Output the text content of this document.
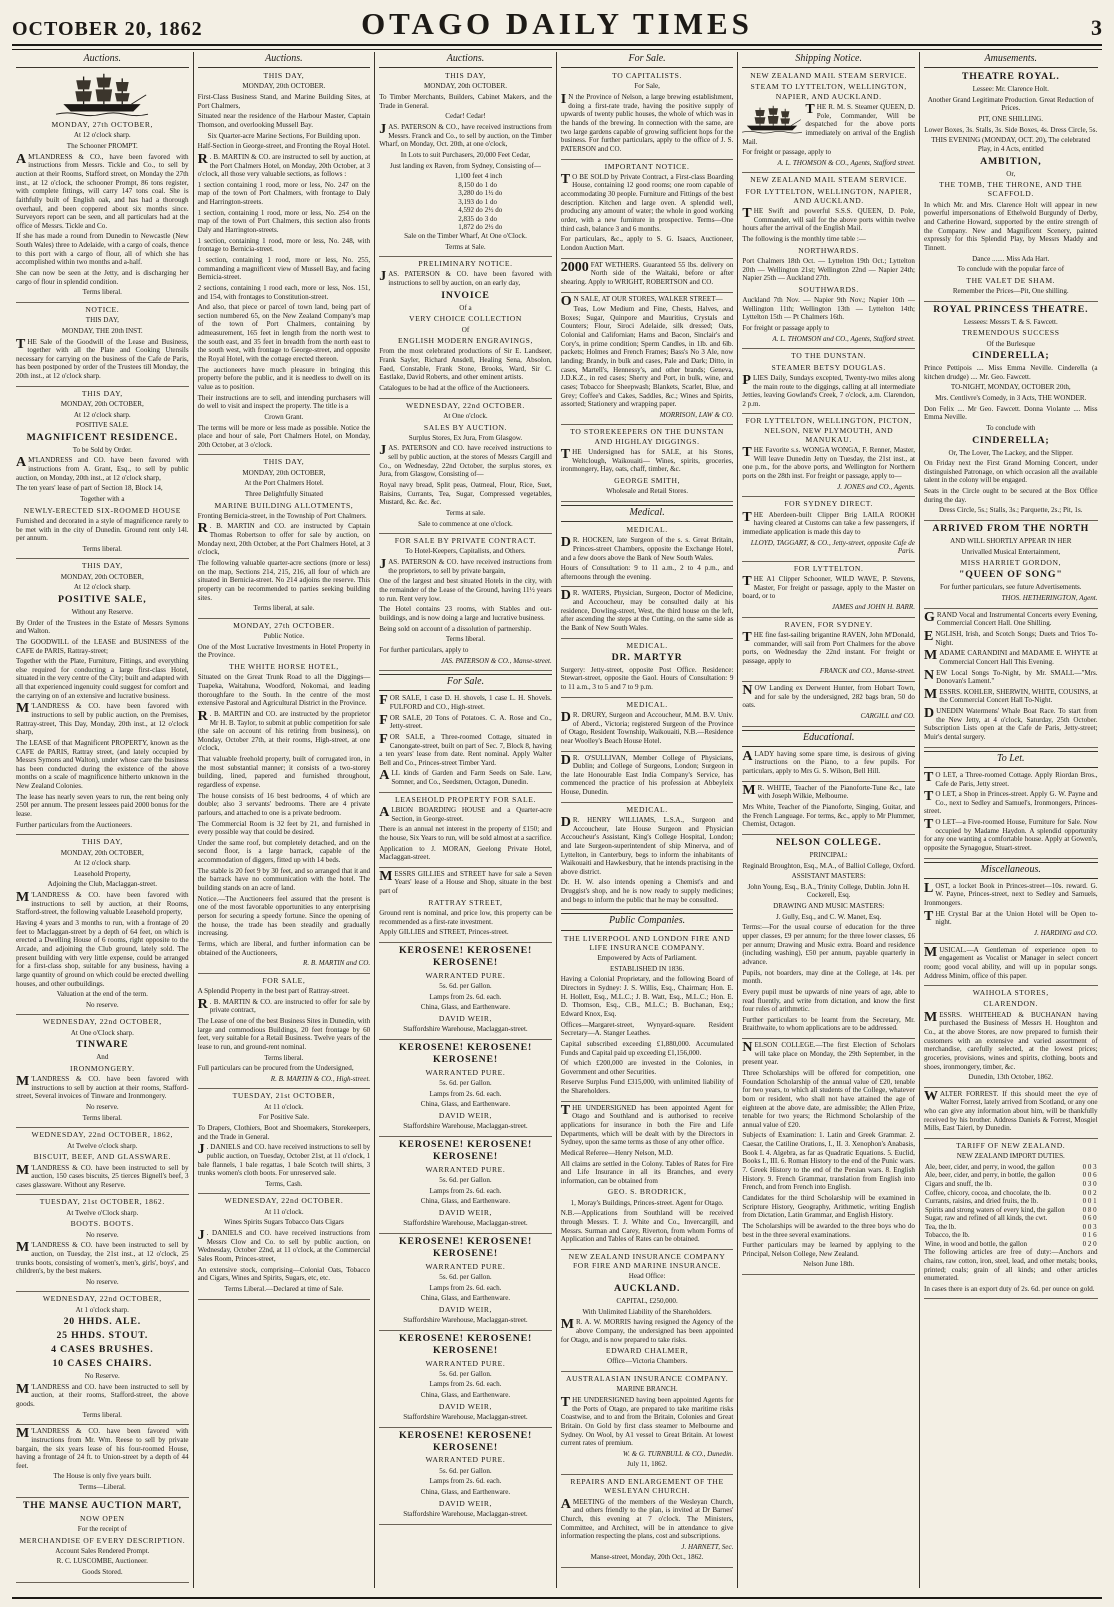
OCTOBER 20, 1862	OTAGO DAILY TIMES	3
Auctions.

MONDAY, 27th OCTOBER,

At 12 o'clock sharp.

The Schooner PROMPT.

A M'LANDRESS & CO., have been favored with instructions from Messrs. Tickle and Co., to sell by auction at their Rooms, Stafford street, on Monday the 27th inst., at 12 o'clock, the schooner Prompt, 86 tons register, with complete fittings, will carry 147 tons coal. She is faithfully built of English oak, and has had a thorough overhaul, and been coppered about six months since. Surveyors report can be seen, and all particulars had at the office of Messrs. Tickle and Co.

If she has made a round from Dunedin to Newcastle (New South Wales) three to Adelaide, with a cargo of coals, thence to this port with a cargo of flour, all of which she has accomplished within two months and a-half.

She can now be seen at the Jetty, and is discharging her cargo of flour in splendid condition.

Terms liberal.

NOTICE.

THIS DAY,

MONDAY, THE 20th INST.

THE Sale of the Goodwill of the Lease and Business, together with all the Plate and Cooking Utensils necessary for carrying on the business of the Cafe de Paris, has been postponed by order of the Trustees till Monday, the 20th inst., at 12 o'clock sharp.

THIS DAY,

MONDAY, 20th OCTOBER,

At 12 o'clock sharp.

POSITIVE SALE.

MAGNIFICENT RESIDENCE.

To be Sold by Order.

A M'LANDRESS and CO. have been favored with instructions from A. Grant, Esq., to sell by public auction, on Monday, 20th inst., at 12 o'clock sharp,

The ten years' lease of part of Section 18, Block 14,

Together with a

NEWLY-ERECTED SIX-ROOMED HOUSE

Furnished and decorated in a style of magnificence rarely to be met with in the city of Dunedin. Ground rent only 14l. per annum.

Terms liberal.

THIS DAY,

MONDAY, 20th OCTOBER,

At 12 o'clock sharp.

POSITIVE SALE,

Without any Reserve.

By Order of the Trustees in the Estate of Messrs Symons and Walton.

The GOODWILL of the LEASE and BUSINESS of the CAFE de PARIS, Rattray-street;

Together with the Plate, Furniture, Fittings, and everything else required for conducting a large first-class Hotel, situated in the very centre of the City; built and adapted with all that experienced ingenuity could suggest for comfort and the carrying on of an extensive and lucrative business.

M 'LANDRESS & CO. have been favored with instructions to sell by public auction, on the Premises, Rattray-street, This Day, Monday, 20th inst., at 12 o'clock sharp,

The LEASE of that Magnificent PROPERTY, known as the CAFE de PARIS, Rattray street, (and lately occupied by Messrs Symons and Walton), under whose care the business has been conducted during the existence of the above months on a scale of magnificence hitherto unknown in the New Zealand Colonies.

The lease has nearly seven years to run, the rent being only 250l per annum. The present lessees paid 2000 bonus for the lease.

Further particulars from the Auctioneers.

THIS DAY,

MONDAY, 20th OCTOBER,

At 12 o'clock sharp.

Leasehold Property,

Adjoining the Club, Maclaggan-street.

M 'LANDRESS & CO. have been favored with instructions to sell by auction, at their Rooms, Stafford-street, the following valuable Leasehold property,

Having 4 years and 3 months to run, with a frontage of 20 feet to Maclaggan-street by a depth of 64 feet, on which is erected a Dwelling House of 6 rooms, right opposite to the Arcade, and adjoining the Club ground, lately sold. The present building with very little expense, could be arranged for a first-class shop, suitable for any business, having a large quantity of ground on which could be erected dwelling houses, and other outbuildings.

Valuation at the end of the term.

No reserve.

WEDNESDAY, 22nd OCTOBER,

At One o'Clock sharp.

TINWARE

And

IRONMONGERY.

M 'LANDRESS & CO. have been favored with instructions to sell by auction at their rooms, Stafford-street, Several invoices of Tinware and Ironmongery.

No reserve.

Terms liberal.

WEDNESDAY, 22nd OCTOBER, 1862,

At Twelve o'clock sharp.

BISCUIT, BEEF, AND GLASSWARE.

M 'LANDRESS & CO. have been instructed to sell by auction, 150 cases biscuits, 25 tierces Bignell's beef, 3 cases glassware. Without any Reserve.

TUESDAY, 21st OCTOBER, 1862.

At Twelve o'Clock sharp.

BOOTS. BOOTS.

No reserve.

M 'LANDRESS & CO. have been instructed to sell by auction, on Tuesday, the 21st inst., at 12 o'clock, 25 trunks boots, consisting of women's, men's, girls', boys', and children's, by the best makers.

No reserve.

WEDNESDAY, 22nd OCTOBER,

At 1 o'clock sharp.

20 HHDS. ALE.

25 HHDS. STOUT.

4 CASES BRUSHES.

10 CASES CHAIRS.

No Reserve.

M 'LANDRESS and CO. have been instructed to sell by auction, at their rooms, Stafford-street, the above goods.

Terms liberal.

M 'LANDRESS & CO. have been favored with instructions from Mr. Wm. Reese to sell by private bargain, the six years lease of his four-roomed House, having a frontage of 24 ft. to Union-street by a depth of 44 feet.

The House is only five years built.

Terms—Liberal.

THE MANSE AUCTION MART,

NOW OPEN

For the receipt of

MERCHANDISE OF EVERY DESCRIPTION.

Account Sales Rendered Prompt.

R. C. LUSCOMBE, Auctioneer.

Goods Stored.

Auctions.

THIS DAY,

MONDAY, 20th OCTOBER.

First-Class Business Stand, and Marine Building Sites, at Port Chalmers,

Situated near the residence of the Harbour Master, Captain Thomson, and overlooking Mussell Bay.

Six Quarter-acre Marine Sections, For Building upon.

Half-Section in George-street, and Fronting the Royal Hotel.

R . B. MARTIN & CO. are instructed to sell by auction, at the Port Chalmers Hotel, on Monday, 20th October, at 3 o'clock, all those very valuable sections, as follows :

1 section containing 1 rood, more or less, No. 247 on the map of the town of Port Chalmers, with frontage to Daly and Harrington-streets.

1 section, containing 1 rood, more or less, No. 254 on the map of the town of Port Chalmers, this section also fronts Daly and Harrington-streets.

1 section, containing 1 rood, more or less, No. 248, with frontage to Bernicia-street.

1 section, containing 1 rood, more or less, No. 255, commanding a magnificent view of Mussell Bay, and facing Bernicia-street.

2 sections, containing 1 rood each, more or less, Nos. 151, and 154, with frontages to Constitution-street.

And also, that piece or parcel of town land, being part of section numbered 65, on the New Zealand Company's map of the town of Port Chalmers, containing by admeasurement, 165 feet in length from the north west to the south east, and 35 feet in breadth from the north east to the south west, with frontage to George-street, and opposite the Royal Hotel, with the cottage erected thereon.

The auctioneers have much pleasure in bringing this property before the public, and it is needless to dwell on its value as to position.

Their instructions are to sell, and intending purchasers will do well to visit and inspect the property. The title is a

Crown Grant.

The terms will be more or less made as possible. Notice the place and hour of sale, Port Chalmers Hotel, on Monday, 20th October, at 3 o'clock.

THIS DAY,

MONDAY, 20th OCTOBER,

At the Port Chalmers Hotel.

Three Delightfully Situated

MARINE BUILDING ALLOTMENTS,

Fronting Bernicia-street, in the Township of Port Chalmers.

R . B. MARTIN and CO. are instructed by Captain Thomas Robertson to offer for sale by auction, on Monday next, 20th October, at the Port Chalmers Hotel, at 3 o'clock,

The following valuable quarter-acre sections (more or less) on the map, Sections 214, 215, 216, all four of which are situated in Bernicia-street. No 214 adjoins the reserve. This property can be recommended to parties seeking building sites.

Terms liberal, at sale.

MONDAY, 27th OCTOBER.

Public Notice.

One of the Most Lucrative Investments in Hotel Property in the Province.

THE WHITE HORSE HOTEL,

Situated on the Great Trunk Road to all the Diggings—Tuapeka, Waitahuna, Woodford, Nokomai, and leading thoroughfare to the South. In the centre of the most extensive Pastoral and Agricultural District in the Province.

R . B. MARTIN and CO. are instructed by the proprietor Mr H. B. Taylor, to submit at public competition for sale (the sale on account of his retiring from business), on Monday, October 27th, at their rooms, High-street, at one o'clock,

That valuable freehold property, built of corrugated iron, in the most substantial manner; it consists of a two-storey building, lined, papered and furnished throughout, regardless of expense.

The house consists of 16 best bedrooms, 4 of which are double; also 3 servants' bedrooms. There are 4 private parlours, and attached to one is a private bedroom.

The Commercial Room is 32 feet by 21, and furnished in every possible way that could be desired.

Under the same roof, but completely detached, and on the second floor, is a large barrack, capable of the accommodation of diggers, fitted up with 14 beds.

The stable is 20 feet 9 by 30 feet, and so arranged that it and the barrack have no communication with the hotel. The building stands on an acre of land.

Notice.—The Auctioneers feel assured that the present is one of the most favorable opportunities to any enterprising person for securing a speedy fortune. Since the opening of the house, the trade has been steadily and gradually increasing.

Terms, which are liberal, and further information can be obtained of the Auctioneers,

R. B. MARTIN and CO.

FOR SALE,

A Splendid Property in the best part of Rattray-street.

R . B. MARTIN & CO. are instructed to offer for sale by private contract,

The Lease of one of the best Business Sites in Dunedin, with large and commodious Buildings, 20 feet frontage by 60 feet, very suitable for a Retail Business. Twelve years of the lease to run, and ground-rent nominal.

Terms liberal.

Full particulars can be procured from the Undersigned,

R. B. MARTIN & CO., High-street.

TUESDAY, 21st OCTOBER,

At 11 o'clock.

For Positive Sale.

To Drapers, Clothiers, Boot and Shoemakers, Storekeepers, and the Trade in General.

J . DANIELS and CO. have received instructions to sell by public auction, on Tuesday, October 21st, at 11 o'clock, 1 bale flannels, 1 bale regattas, 1 bale Scotch twill shirts, 3 trunks women's cloth boots. For unreserved sale.

Terms, Cash.

WEDNESDAY, 22nd OCTOBER.

At 11 o'clock.

Wines Spirits Sugars Tobacco Oats Cigars

J . DANIELS and CO. have received instructions from Messrs Clow and Co. to sell by public auction, on Wednesday, October 22nd, at 11 o'clock, at the Commercial Sales Room, Princes-street,

An extensive stock, comprising—Colonial Oats, Tobacco and Cigars, Wines and Spirits, Sugars, etc, etc.

Terms Liberal.—Declared at time of Sale.

Auctions.

THIS DAY,

MONDAY, 20th OCTOBER.

To Timber Merchants, Builders, Cabinet Makers, and the Trade in General.

Cedar! Cedar!

JAS. PATERSON & CO., have received instructions from Messrs. Franck and Co., to sell by auction, on the Timber Wharf, on Monday, Oct. 20th, at one o'clock,

In Lots to suit Purchasers, 20,000 Feet Cedar,

Just landing ex Raven, from Sydney, Consisting of—

1,100 feet	4 inch
8,150 do	1 do
3,280 do	1½ do
3,193 do	1 do
4,592 do	2½ do
2,835 do	3 do
1,872 do	2½ do

Sale on the Timber Wharf, At One o'Clock.

Terms at Sale.

PRELIMINARY NOTICE.

JAS. PATERSON & CO. have been favored with instructions to sell by auction, on an early day,

INVOICE

Of a

VERY CHOICE COLLECTION

Of

ENGLISH MODERN ENGRAVINGS,

From the most celebrated productions of Sir E. Landseer, Frank Sayler, Richard Ansdell, Healing Sena, Absolon, Faed, Constable, Frank Stone, Brooks, Ward, Sir C. Eastlake, David Roberts, and other eminent artists.

Catalogues to be had at the office of the Auctioneers.

WEDNESDAY, 22nd OCTOBER.

At One o'clock.

SALES BY AUCTION.

Surplus Stores, Ex Jura, From Glasgow.

JAS. PATERSON and CO. have received instructions to sell by public auction, at the stores of Messrs Cargill and Co., on Wednesday, 22nd October, the surplus stores, ex Jura, from Glasgow, Consisting of—

Royal navy bread, Split peas, Oatmeal, Flour, Rice, Suet, Raisins, Currants, Tea, Sugar, Compressed vegetables, Mustard, &c. &c. &c.

Terms at sale.

Sale to commence at one o'clock.

FOR SALE BY PRIVATE CONTRACT.

To Hotel-Keepers, Capitalists, and Others.

JAS. PATERSON & CO. have received instructions from the proprietors, to sell by private bargain,

One of the largest and best situated Hotels in the city, with the remainder of the Lease of the Ground, having 11½ years to run. Rent very low.

The Hotel contains 23 rooms, with Stables and out-buildings, and is now doing a large and lucrative business.

Being sold on account of a dissolution of partnership.

Terms liberal.

For further particulars, apply to

JAS. PATERSON & CO., Manse-street.

For Sale.

FOR SALE, 1 case D. H. shovels, 1 case L. H. Shovels. FULFORD and CO., High-street.

FOR SALE, 20 Tons of Potatoes. C. A. Rose and Co., Jetty-street.

FOR SALE, a Three-roomed Cottage, situated in Canongate-street, built on part of Sec. 7, Block 8, having a ten years' lease from date. Rent nominal. Apply Walter Bell and Co., Princes-street Timber Yard.

ALL kinds of Garden and Farm Seeds on Sale. Law, Somner, and Co., Seedsmen, Octagon, Dunedin.

LEASEHOLD PROPERTY FOR SALE.

ALBION BOARDING HOUSE and a Quarter-acre Section, in George-street.

There is an annual net interest in the property of £150; and the house, Six Years to run, will be sold almost at a sacrifice.

Application to J. MORAN, Geelong Private Hotel, Maclaggan-street.

MESSRS GILLIES and STREET have for sale a Seven Years' lease of a House and Shop, situate in the best part of

RATTRAY STREET,

Ground rent is nominal, and price low, this property can be recommended as a first-rate investment.

Apply GILLIES and STREET, Princes-street.

KEROSENE! KEROSENE! KEROSENE!

WARRANTED PURE.

5s. 6d. per Gallon.

Lamps from 2s. 6d. each.

China, Glass, and Earthenware.

DAVID WEIR,

Staffordshire Warehouse, Maclaggan-street.

KEROSENE! KEROSENE! KEROSENE!

WARRANTED PURE.

5s. 6d. per Gallon.

Lamps from 2s. 6d. each.

China, Glass, and Earthenware.

DAVID WEIR,

Staffordshire Warehouse, Maclaggan-street.

KEROSENE! KEROSENE! KEROSENE!

WARRANTED PURE.

5s. 6d. per Gallon.

Lamps from 2s. 6d. each.

China, Glass, and Earthenware.

DAVID WEIR,

Staffordshire Warehouse, Maclaggan-street.

KEROSENE! KEROSENE! KEROSENE!

WARRANTED PURE.

5s. 6d. per Gallon.

Lamps from 2s. 6d. each.

China, Glass, and Earthenware.

DAVID WEIR,

Staffordshire Warehouse, Maclaggan-street.

KEROSENE! KEROSENE! KEROSENE!

WARRANTED PURE.

5s. 6d. per Gallon.

Lamps from 2s. 6d. each.

China, Glass, and Earthenware.

DAVID WEIR,

Staffordshire Warehouse, Maclaggan-street.

KEROSENE! KEROSENE! KEROSENE!

WARRANTED PURE.

5s. 6d. per Gallon.

Lamps from 2s. 6d. each.

China, Glass, and Earthenware.

DAVID WEIR,

Staffordshire Warehouse, Maclaggan-street.

For Sale.

TO CAPITALISTS.

For Sale,

I N the Province of Nelson, a large brewing establishment, doing a first-rate trade, having the positive supply of upwards of twenty public houses, the whole of which was in the hands of the brewing. In connection with the same, are two large gardens capable of growing sufficient hops for the business. For further particulars, apply to the office of J. S. PATERSON and CO.

IMPORTANT NOTICE.

T O BE SOLD by Private Contract, a First-class Boarding House, containing 12 good rooms; one room capable of accommodating 30 people. Furniture and Fittings of the best description. Kitchen and large oven. A splendid well, producing any amount of water; the whole in good working order, with a new furniture in prospective. Terms—One third cash, balance 3 and 6 months.

For particulars, &c., apply to S. G. Isaacs, Auctioneer, London Auction Mart.

2000 FAT WETHERS. Guaranteed 55 lbs. delivery on North side of the Waitaki, before or after shearing. Apply to WRIGHT, ROBERTSON and CO.

O N SALE, AT OUR STORES, WALKER STREET—

Teas, Low Medium and Fine, Chests, Halves, and Boxes; Sugar, Quinpore and Mauritius, Crystals and Counters; Flour, Siroci Adelaide, silk dressed; Oats, Colonial and Californian; Hams and Bacon, Sinclair's and Cory's, in prime condition; Sperm Candles, in 1lb. and 6lb. packets; Holmes and French Frames; Bass's No 3 Ale, now landing; Brandy, in bulk and cases, Pale and Dark; Ditto, in cases, Martell's, Hennessy's, and other brands; Geneva, J.D.K.Z., in red cases; Sherry and Port, in bulk, wine, and cases; Tobacco for Sheepwash; Blankets, Scarlet, Blue, and Grey; Coffee's and Cakes, Saddles, &c.; Wines and Spirits, assorted; Stationery and wrapping paper.

MORRISON, LAW & CO.

TO STOREKEEPERS ON THE DUNSTAN AND HIGHLAY DIGGINGS.

THE Undersigned has for SALE, at his Stores, Weltclough, Waikouaiti— Wines, spirits, groceries, ironmongery, Hay, oats, chaff, timber, &c.

GEORGE SMITH,

Wholesale and Retail Stores.

Medical.

MEDICAL.

D R. HOCKEN, late Surgeon of the s. s. Great Britain, Princes-street Chambers, opposite the Exchange Hotel, and a few doors above the Bank of New South Wales.

Hours of Consultation: 9 to 11 a.m., 2 to 4 p.m., and afternoons through the evening.

D R. WATERS, Physician, Surgeon, Doctor of Medicine, and Accoucheur, may be consulted daily at his residence, Dowling-street, West, the third house on the left, after ascending the steps at the Cutting, on the same side as the Bank of New South Wales.

MEDICAL.

DR. MARTYR

Surgery: Jetty-street, opposite Post Office. Residence: Stewart-street, opposite the Gaol. Hours of Consultation: 9 to 11 a.m., 3 to 5 and 7 to 9 p.m.

MEDICAL.

D R. DRURY, Surgeon and Accoucheur, M.M. B.V. Univ. of Aberd., Victoria; registered Surgeon of the Province of Otago, Resident Township, Waikouaiti, N.B.—Residence near Woolley's Beach House Hotel.

D R. O'SULLIVAN, Member College of Physicians, Dublin; and College of Surgeons, London; Surgeon in the late Honourable East India Company's Service, has commenced the practice of his profession at Abbeyleix House, Dunedin.

MEDICAL.

D R. HENRY WILLIAMS, L.S.A., Surgeon and Accoucheur, late House Surgeon and Physician Accoucheur's Assistant, King's College Hospital, London; and late Surgeon-superintendent of ship Minerva, and of Lyttelton, in Canterbury, begs to inform the inhabitants of Waikouaiti and Hawkesbury, that he intends practising in the above district.

Dr. H. W. also intends opening a Chemist's and and Druggist's shop, and he is now ready to supply medicines; and begs to inform the public that he may be consulted.

Public Companies.

THE LIVERPOOL AND LONDON FIRE AND LIFE INSURANCE COMPANY.

Empowered by Acts of Parliament.

ESTABLISHED IN 1836.

Having a Colonial Proprietary, and the following Board of Directors in Sydney: J. S. Willis, Esq., Chairman; Hon. E. H. Hollett, Esq., M.L.C.; J. B. Watt, Esq., M.L.C.; Hon. E. D. Thomson, Esq., C.B., M.L.C.; B. Buchanan, Esq.; Edward Knox, Esq.

Offices—Margaret-street, Wynyard-square. Resident Secretary—A. Stanger Leathes.

Capital subscribed exceeding £1,880,000. Accumulated Funds and Capital paid up exceeding £1,156,000.

Of which £200,000 are invested in the Colonies, in Government and other Securities.

Reserve Surplus Fund £315,000, with unlimited liability of the Shareholders.

THE UNDERSIGNED has been appointed Agent for Otago and Southland and is authorised to receive applications for insurance in both the Fire and Life Departments, which will be dealt with by the Directors in Sydney, upon the same terms as those of any other office.

Medical Referee—Henry Nelson, M.D.

All claims are settled in the Colony. Tables of Rates for Fire and Life Insurance in all its Branches, and every information, can be obtained from

GEO. S. BRODRICK,

1, Moray's Buildings, Princes-street. Agent for Otago.

N.B.—Applications from Southland will be received through Messrs. T. J. White and Co., Invercargill, and Messrs. Surman and Carey, Riverton, from whom Forms of Application and Tables of Rates can be obtained.

NEW ZEALAND INSURANCE COMPANY FOR FIRE AND MARINE INSURANCE.

Head Office:

AUCKLAND.

CAPITAL, £250,000.

With Unlimited Liability of the Shareholders.

M R. A. W. MORRIS having resigned the Agency of the above Company, the undersigned has been appointed for Otago, and is now prepared to take risks.

EDWARD CHALMER,

Office—Victoria Chambers.

AUSTRALASIAN INSURANCE COMPANY.

MARINE BRANCH.

THE UNDERSIGNED having been appointed Agents for the Ports of Otago, are prepared to take maritime risks Coastwise, and to and from the Britain, Colonies and Great Britain. On Gold by first class steamer to Melbourne and Sydney. On Wool, by A1 vessel to Great Britain. At lowest current rates of premium.

W. & G. TURNBULL & CO., Dunedin.

July 11, 1862.

REPAIRS AND ENLARGEMENT OF THE WESLEYAN CHURCH.

A MEETING of the members of the Wesleyan Church, and others friendly to the plan, is invited at Dr Barnes' Church, this evening at 7 o'clock. The Ministers, Committee, and Architect, will be in attendance to give information respecting the plans, cost and subscriptions.

J. HARNETT, Sec.

Manse-street, Monday, 20th Oct., 1862.

Shipping Notice.

NEW ZEALAND MAIL STEAM SERVICE.

STEAM TO LYTTELTON, WELLINGTON, NAPIER, AND AUCKLAND.

THE R. M. S. Steamer QUEEN, D. Pole, Commander, Will be despatched for the above ports immediately on arrival of the English Mail.

For freight or passage, apply to

A. L. THOMSON & CO., Agents, Stafford street.

NEW ZEALAND MAIL STEAM SERVICE.

FOR LYTTELTON, WELLINGTON, NAPIER, AND AUCKLAND.

THE Swift and powerful S.S.S. QUEEN, D. Pole, Commander, will sail for the above ports within twelve hours after the arrival of the English Mail.

The following is the monthly time table :—

NORTHWARDS.

Port Chalmers 18th Oct. — Lyttelton 19th Oct.; Lyttelton 20th — Wellington 21st; Wellington 22nd — Napier 24th; Napier 25th — Auckland 27th.

SOUTHWARDS.

Auckland 7th Nov. — Napier 9th Nov.; Napier 10th — Wellington 11th; Wellington 13th — Lyttelton 14th; Lyttelton 15th — Pt Chalmers 16th.

For freight or passage apply to

A. L. THOMSON and CO., Agents, Stafford street.

TO THE DUNSTAN.

STEAMER BETSY DOUGLAS.

PLIES Daily, Sundays excepted, Twenty-two miles along the main route to the diggings, calling at all intermediate Jetties, leaving Gowland's Creek, 7 o'clock, a.m. Clarendon, 2 p.m.

FOR LYTTELTON, WELLINGTON, PICTON, NELSON, NEW PLYMOUTH, AND MANUKAU.

THE Favorite s.s. WONGA WONGA, F. Renner, Master, Will leave Dunedin Jetty on Tuesday, the 21st inst., at one p.m., for the above ports, and Wellington for Northern ports on the 28th inst. For freight or passage, apply to—

J. JONES and CO., Agents.

FOR SYDNEY DIRECT.

THE Aberdeen-built Clipper Brig LAILA ROOKH having cleared at Customs can take a few passengers, if immediate application is made this day to

LLOYD, TAGGART, & CO., Jetty-street, opposite Cafe de Paris.

FOR LYTTELTON.

THE A1 Clipper Schooner, WILD WAVE, P. Stevens, Master, For freight or passage, apply to the Master on board, or to

JAMES and JOHN H. BARR.

RAVEN, FOR SYDNEY.

THE fine fast-sailing brigantine RAVEN, John M'Donald, commander, will sail from Port Chalmers for the above ports, on Wednesday the 22nd instant. For freight or passage, apply to

FRANCK and CO., Manse-street.

NOW Landing ex Derwent Hunter, from Hobart Town, and for sale by the undersigned, 282 bags bran, 50 do oats.

CARGILL and CO.

Educational.

A LADY having some spare time, is desirous of giving instructions on the Piano, to a few pupils. For particulars, apply to Mrs G. S. Wilson, Bell Hill.

M R. WHITE, Teacher of the Pianoforte-Tune &c., late with Joseph Wilkie, Melbourne.

Mrs White, Teacher of the Pianoforte, Singing, Guitar, and the French Language. For terms, &c., apply to Mr Plummer, Chemist, Octagon.

NELSON COLLEGE.

PRINCIPAL:

Reginald Broughton, Esq., M.A., of Balliol College, Oxford.

ASSISTANT MASTERS:

John Young, Esq., B.A., Trinity College, Dublin. John H. Cockerell, Esq.

DRAWING AND MUSIC MASTERS:

J. Gully, Esq., and C. W. Manet, Esq.

Terms:—For the usual course of education for the three upper classes, £9 per annum; for the three lower classes, £6 per annum; Drawing and Music extra. Board and residence (including washing), £50 per annum, payable quarterly in advance.

Pupils, not boarders, may dine at the College, at 14s. per month.

Every pupil must be upwards of nine years of age, able to read fluently, and write from dictation, and know the first four rules of arithmetic.

Further particulars to be learnt from the Secretary, Mr. Braithwaite, to whom applications are to be addressed.

NELSON COLLEGE.—The first Election of Scholars will take place on Monday, the 29th September, in the present year.

Three Scholarships will be offered for competition, one Foundation Scholarship of the annual value of £20, tenable for two years, to which all students of the College, whatever born or resident, who shall not have attained the age of eighteen at the above date, are admissible; the Allen Prize, tenable for two years; the Richmond Scholarship of the annual value of £20.

Subjects of Examination: 1. Latin and Greek Grammar. 2. Caesar, the Catiline Orations, I., II. 3. Xenophon's Anabasis, Book I. 4. Algebra, as far as Quadratic Equations. 5. Euclid, Books I., III. 6. Roman History to the end of the Punic wars. 7. Greek History to the end of the Persian wars. 8. English History. 9. French Grammar, translation from English into French, and from French into English.

Candidates for the third Scholarship will be examined in Scripture History, Geography, Arithmetic, writing English from Dictation, Latin Grammar, and English History.

The Scholarships will be awarded to the three boys who do best in the three several examinations.

Further particulars may be learned by applying to the Principal, Nelson College, New Zealand.

Nelson June 18th.

Amusements.

THEATRE ROYAL.

Lessee: Mr. Clarence Holt.

Another Grand Legitimate Production. Great Reduction of Prices.

PIT, ONE SHILLING.

Lower Boxes, 3s. Stalls, 3s. Side Boxes, 4s. Dress Circle, 5s.

THIS EVENING (MONDAY, OCT. 20), The celebrated Play, in 4 Acts, entitled

AMBITION,

Or,

THE TOMB, THE THRONE, AND THE SCAFFOLD.

In which Mr. and Mrs. Clarence Holt will appear in new powerful impersonations of Ethelwold Burgundy of Derby, and Catherine Howard, supported by the entire strength of the Company. New and Magnificent Scenery, painted expressly for this Splendid Play, by Messrs Maddy and Tinnett.

Dance ....... Miss Ada Hart.

To conclude with the popular farce of

THE VALET DE SHAM.

Remember the Prices—Pit, One shilling.

ROYAL PRINCESS THEATRE.

Lessees: Messrs T. & S. Fawcett.

TREMENDOUS SUCCESS

Of the Burlesque

CINDERELLA;

Prince Pettipois .... Miss Emma Neville. Cinderella (a kitchen drudge) .... Mr. Geo. Fawcett.

TO-NIGHT, MONDAY, OCTOBER 20th,

Mrs. Centlivre's Comedy, in 3 Acts, THE WONDER.

Don Felix .... Mr Geo. Fawcett. Donna Violante .... Miss Emma Neville.

To conclude with

CINDERELLA;

Or, The Lover, The Lackey, and the Slipper.

On Friday next the First Grand Morning Concert, under distinguished Patronage, on which occasion all the available talent in the colony will be engaged.

Seats in the Circle ought to be secured at the Box Office during the day.

Dress Circle, 5s.; Stalls, 3s.; Parquette, 2s.; Pit, 1s.

ARRIVED FROM THE NORTH

AND WILL SHORTLY APPEAR IN HER

Unrivalled Musical Entertainment,

MISS HARRIET GORDON,

"QUEEN OF SONG"

For further particulars, see future Advertisements.

THOS. HETHERINGTON, Agent.

GRAND Vocal and Instrumental Concerts every Evening, Commercial Concert Hall. One Shilling.

ENGLISH, Irish, and Scotch Songs; Duets and Trios To-Night.

MADAME CARANDINI and MADAME E. WHYTE at Commercial Concert Hall This Evening.

NEW Local Songs To-Night, by Mr. SMALL—"Mrs. Donovan's Lament."

MESSRS. KOHLER, SHERWIN, WHITE, COUSINS, at the Commercial Concert Hall To-Night.

DUNEDIN Watermens' Whale Boat Race. To start from the New Jetty, at 4 o'clock, Saturday, 25th October. Subscription Lists open at the Cafe de Paris, Jetty-street; Muir's dental surgery.

To Let.

T O LET, a Three-roomed Cottage. Apply Riordan Bros., Cafe de Paris, Jetty street.

T O LET, a Shop in Princes-street. Apply G. W. Payne and Co., next to Sedley and Samuel's, Ironmongers, Princes-street.

T O LET—a Five-roomed House, Furniture for Sale. Now occupied by Madame Haydon. A splendid opportunity for any one wanting a comfortable house. Apply at Gowen's, opposite the Synagogue, Stuart-street.

Miscellaneous.

LOST, a locket Book in Princes-street—10s. reward. G. W. Payne, Princes-street, next to Sedley and Samuels, Ironmongers.

THE Crystal Bar at the Union Hotel will be Open to-night.

J. HARDING and CO.

MUSICAL.—A Gentleman of experience open to engagement as Vocalist or Manager in select concert room; good vocal ability, and will up in popular songs. Address Minim, office of this paper.

WAIHOLA STORES,

CLARENDON.

MESSRS. WHITEHEAD & BUCHANAN having purchased the Business of Messrs H. Houghton and Co., at the above Stores, are now prepared to furnish their customers with an extensive and varied assortment of merchandise, carefully selected, at the lowest prices; groceries, provisions, wines and spirits, clothing, boots and shoes, ironmongery, timber, &c.

Dunedin, 13th October, 1862.

WALTER FORREST. If this should meet the eye of Walter Forrest, lately arrived from Scotland, or any one who can give any information about him, will be thankfully received by his brother. Address Daniels & Forrest, Mosgiel Mills, East Taieri, by Dunedin.

TARIFF OF NEW ZEALAND.

NEW ZEALAND IMPORT DUTIES.

Ale, beer, cider, and perry, in wood, the gallon	0 0 3
Ale, beer, cider, and perry, in bottle, the gallon	0 0 6
Cigars and snuff, the lb.	0 3 0
Coffee, chicory, cocoa, and chocolate, the lb.	0 0 2
Currants, raisins, and dried fruits, the lb.	0 0 1
Spirits and strong waters of every kind, the gallon	0 8 0
Sugar, raw and refined of all kinds, the cwt.	0 6 0
Tea, the lb.	0 0 3
Tobacco, the lb.	0 1 6
Wine, in wood and bottle, the gallon	0 2 0

The following articles are free of duty:—Anchors and chains, raw cotton, iron, steel, lead, and other metals; books, printed; coals; grain of all kinds; and other articles enumerated.

In cases there is an export duty of 2s. 6d. per ounce on gold.
